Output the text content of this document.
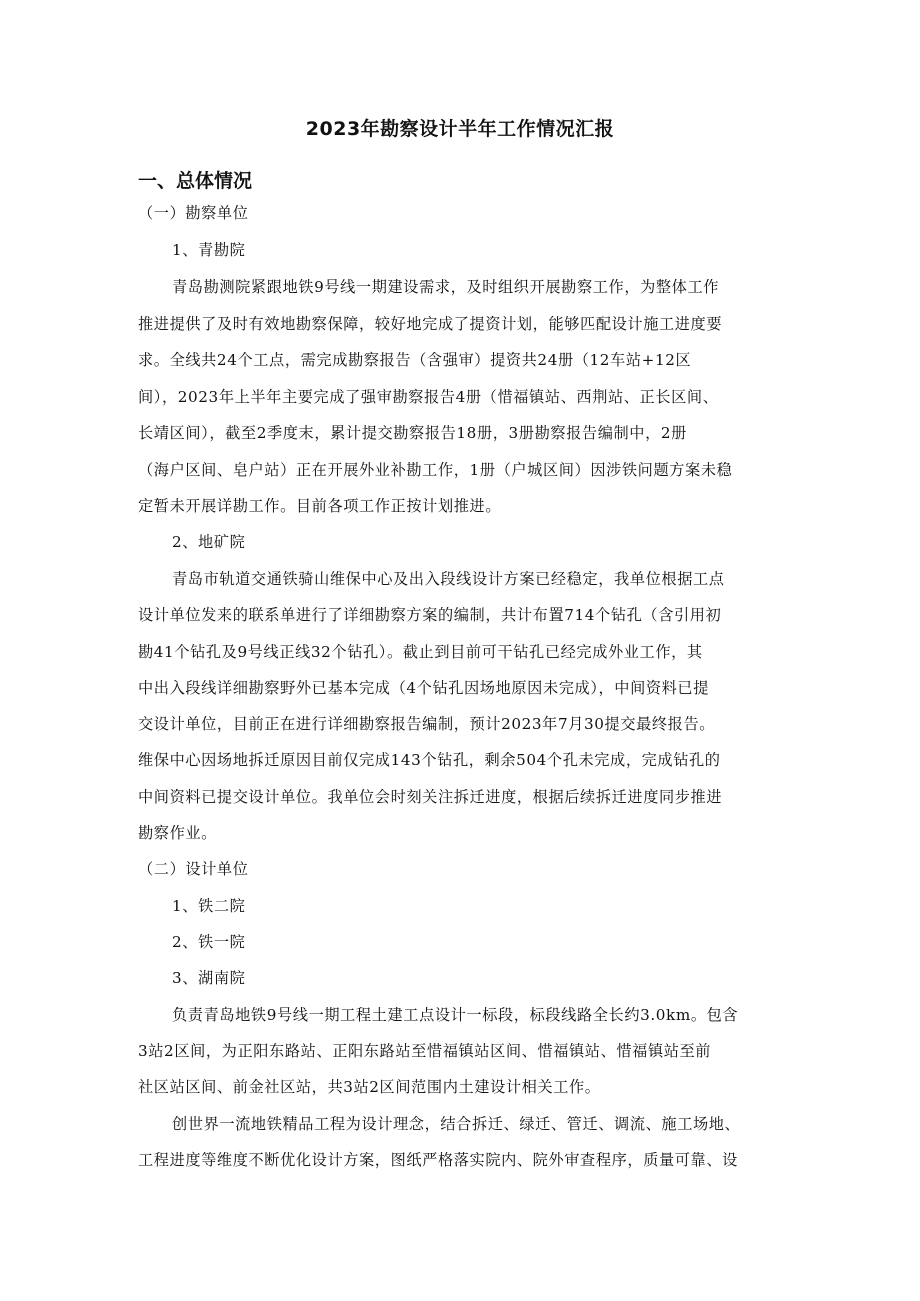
2023年勘察设计半年工作情况汇报
一、总体情况
（一）勘察单位
1、青勘院
青岛勘测院紧跟地铁9号线一期建设需求，及时组织开展勘察工作，为整体工作
推进提供了及时有效地勘察保障，较好地完成了提资计划，能够匹配设计施工进度要
求。全线共24个工点，需完成勘察报告（含强审）提资共24册（12车站+12区
间），2023年上半年主要完成了强审勘察报告4册（惜福镇站、西荆站、正长区间、
长靖区间），截至2季度末，累计提交勘察报告18册，3册勘察报告编制中，2册
（海户区间、皂户站）正在开展外业补勘工作，1册（户城区间）因涉铁问题方案未稳
定暂未开展详勘工作。目前各项工作正按计划推进。
2、地矿院
青岛市轨道交通铁骑山维保中心及出入段线设计方案已经稳定，我单位根据工点
设计单位发来的联系单进行了详细勘察方案的编制，共计布置714个钻孔（含引用初
勘41个钻孔及9号线正线32个钻孔）。截止到目前可干钻孔已经完成外业工作，其
中出入段线详细勘察野外已基本完成（4个钻孔因场地原因未完成），中间资料已提
交设计单位，目前正在进行详细勘察报告编制，预计2023年7月30提交最终报告。
维保中心因场地拆迁原因目前仅完成143个钻孔，剩余504个孔未完成，完成钻孔的
中间资料已提交设计单位。我单位会时刻关注拆迁进度，根据后续拆迁进度同步推进
勘察作业。
（二）设计单位
1、铁二院
2、铁一院
3、湖南院
负责青岛地铁9号线一期工程土建工点设计一标段，标段线路全长约3.0km。包含
3站2区间，为正阳东路站、正阳东路站至惜福镇站区间、惜福镇站、惜福镇站至前
社区站区间、前金社区站，共3站2区间范围内土建设计相关工作。
创世界一流地铁精品工程为设计理念，结合拆迁、绿迁、管迁、调流、施工场地、
工程进度等维度不断优化设计方案，图纸严格落实院内、院外审查程序，质量可靠、设
